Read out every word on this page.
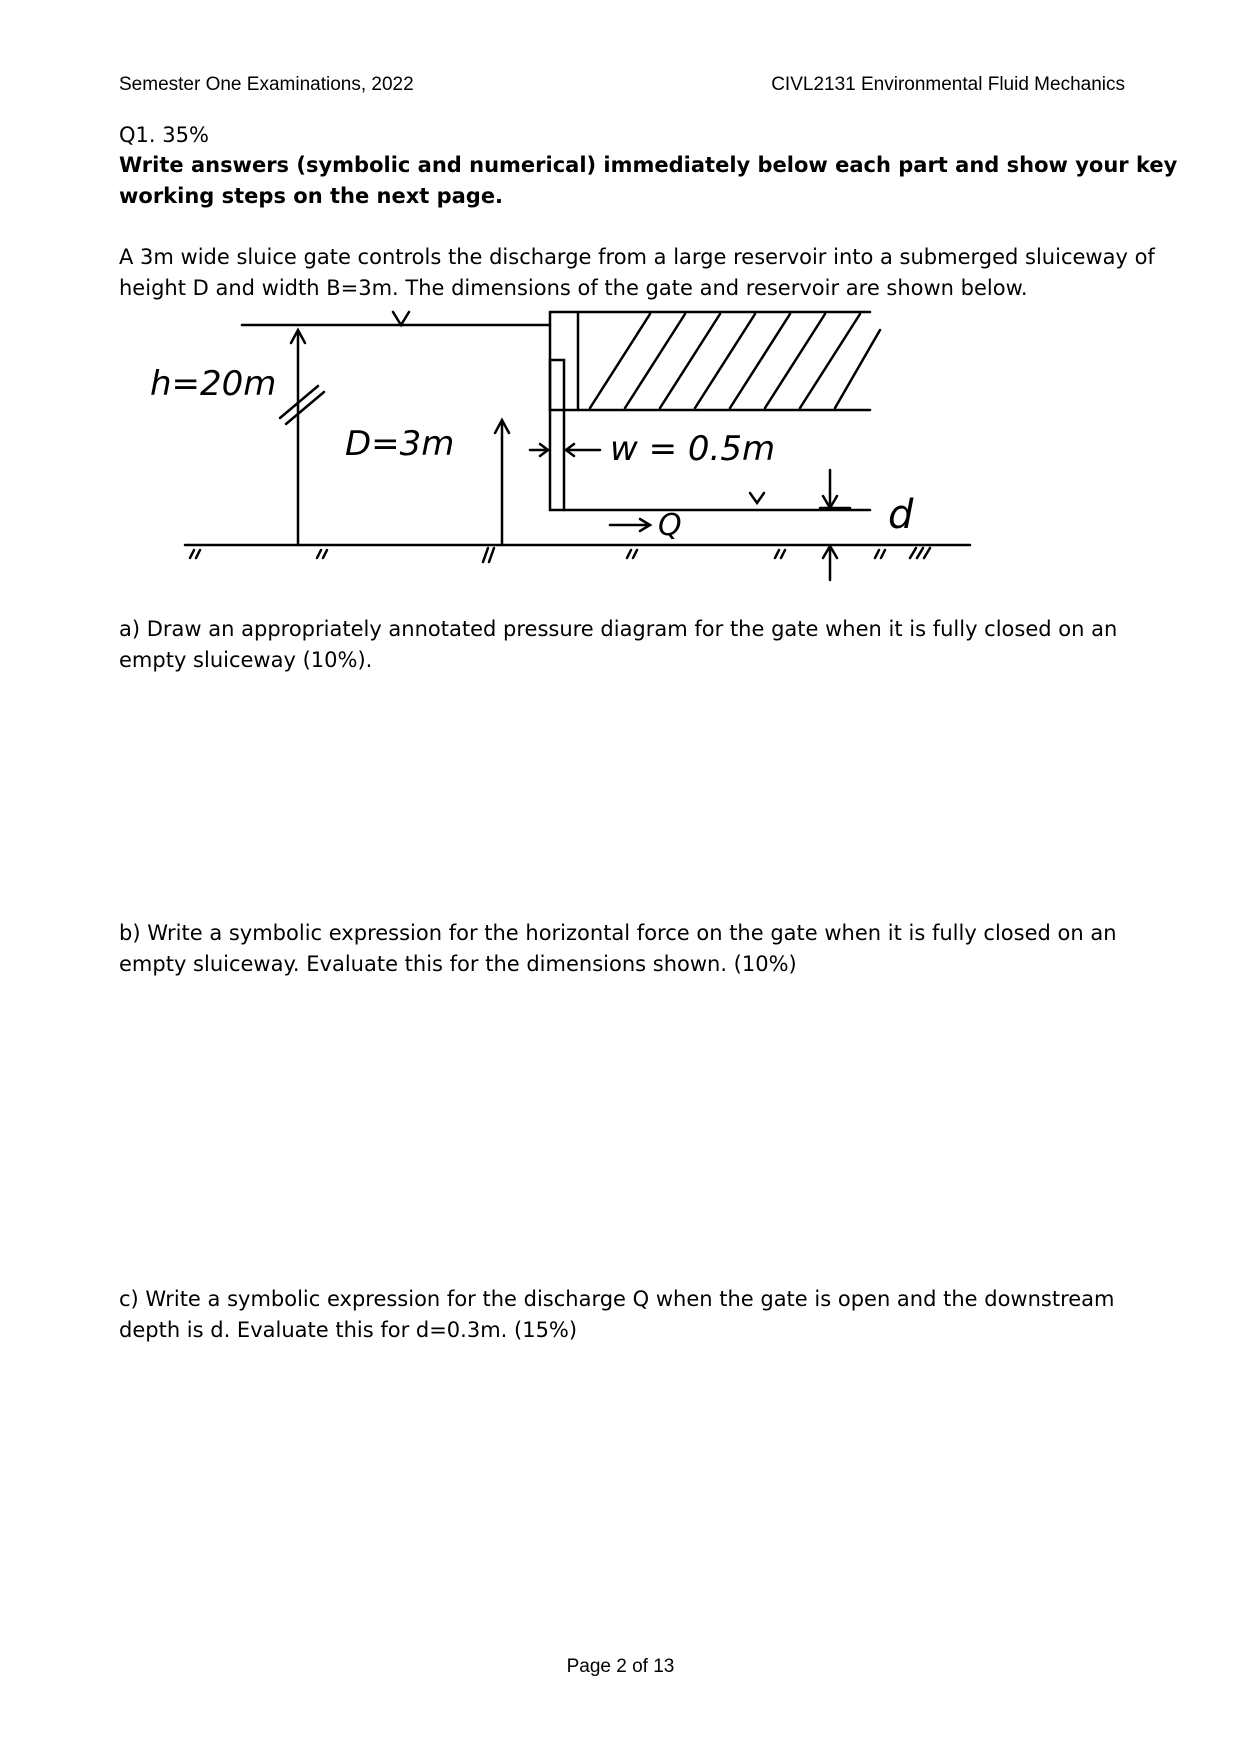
Semester One Examinations, 2022	CIVL2131 Environmental Fluid Mechanics
Q1. 35%
Write answers (symbolic and numerical) immediately below each part and show your key
working steps on the next page.
A 3m wide sluice gate controls the discharge from a large reservoir into a submerged sluiceway of
height D and width B=3m. The dimensions of the gate and reservoir are shown below.
h=20m
D=3m	w = 0.5m
Q	d
a) Draw an appropriately annotated pressure diagram for the gate when it is fully closed on an
empty sluiceway (10%).
b) Write a symbolic expression for the horizontal force on the gate when it is fully closed on an
empty sluiceway. Evaluate this for the dimensions shown. (10%)
c) Write a symbolic expression for the discharge Q when the gate is open and the downstream
depth is d. Evaluate this for d=0.3m. (15%)
Page 2 of 13
